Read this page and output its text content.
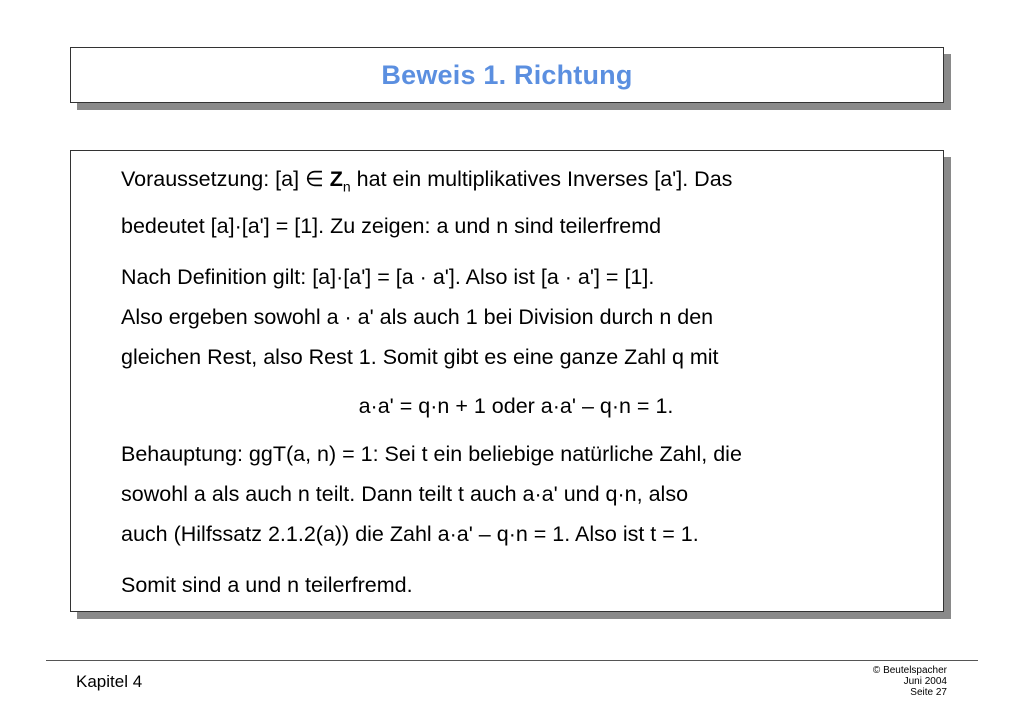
Beweis 1. Richtung
Voraussetzung: [a] ∈ $Z_n$ hat ein multiplikatives Inverses [a']. Das
bedeutet [a]·[a'] = [1]. Zu zeigen: a und n sind teilerfremd
Nach Definition gilt: [a]·[a'] = [a · a']. Also ist [a · a'] = [1].
Also ergeben sowohl a · a' als auch 1 bei Division durch n den
gleichen Rest, also Rest 1. Somit gibt es eine ganze Zahl q mit
a·a' = q·n + 1 oder a·a' – q·n = 1.
Behauptung: ggT(a, n) = 1: Sei t ein beliebige natürliche Zahl, die
sowohl a als auch n teilt. Dann teilt t auch a·a' und q·n, also
auch (Hilfssatz 2.1.2(a)) die Zahl a·a' – q·n = 1. Also ist t = 1.
Somit sind a und n teilerfremd.
Kapitel 4
© Beutelspacher
Juni 2004
Seite 27
